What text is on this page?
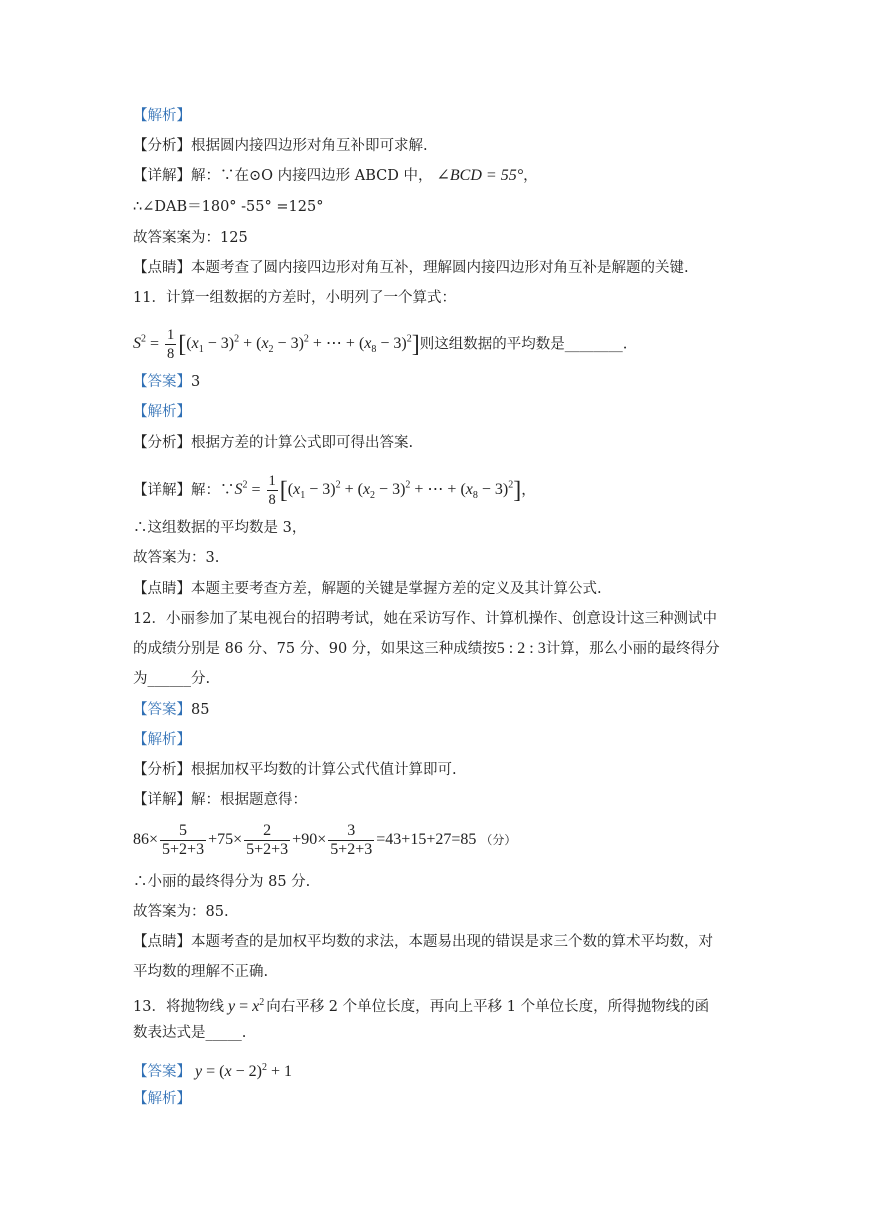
【解析】
【分析】根据圆内接四边形对角互补即可求解.
【详解】解：∵在⊙O 内接四边形 ABCD 中， ∠BCD = 55°，
∴∠DAB＝180° -55° =125°
故答案案为：125
【点睛】本题考查了圆内接四边形对角互补，理解圆内接四边形对角互补是解题的关键.
11．计算一组数据的方差时，小明列了一个算式：
$S^2 = \frac{1}{8} [(x_1 - 3)^2 + (x_2 - 3)^2$ + ⋯ + $(x_8 - 3)^2$]则这组数据的平均数是________.
【答案】3
【解析】
【分析】根据方差的计算公式即可得出答案.
【详解】解：$\because S^2 = \frac{1}{8} [(x_1 - 3)^2 + (x_2 - 3)^2$ + ⋯ + $(x_8 - 3)^2$]，
∴这组数据的平均数是 3，
故答案为：3.
【点睛】本题主要考查方差，解题的关键是掌握方差的定义及其计算公式.
12．小丽参加了某电视台的招聘考试，她在采访写作、计算机操作、创意设计这三种测试中
的成绩分别是 86 分、75 分、90 分，如果这三种成绩按5 : 2 : 3计算，那么小丽的最终得分
为______分.
【答案】85
【解析】
【分析】根据加权平均数的计算公式代值计算即可.
【详解】解：根据题意得：
$86\times \frac{5}{5+2+3} +75\times \frac{2}{5+2+3} +90\times \frac{3}{5+2+3} =43+15+27=85$ （分）
∴小丽的最终得分为 85 分.
故答案为：85.
【点睛】本题考查的是加权平均数的求法，本题易出现的错误是求三个数的算术平均数，对
平均数的理解不正确.
13．将抛物线 $y = x^2$ 向右平移 2 个单位长度，再向上平移 1 个单位长度，所得抛物线的函
数表达式是_____.
【答案】 $y = (x - 2)^2 + 1$
【解析】
